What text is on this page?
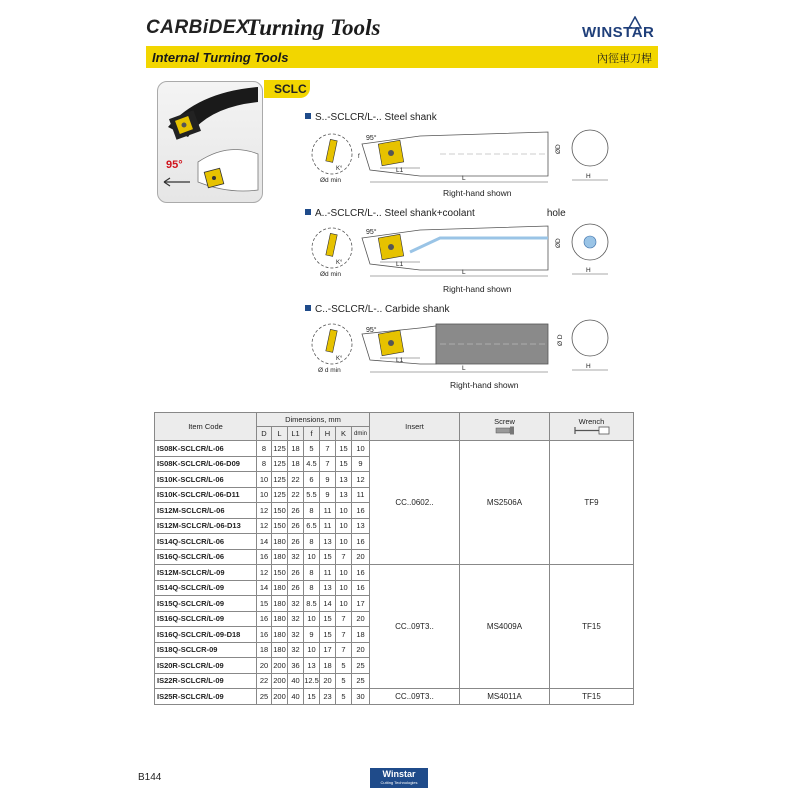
CARBiDEX
Turning Tools	WINSTAR
Internal Turning Tools	內徑車刀桿
95°
SCLC
S..-SCLCR/L-.. Steel shank
95°
K°
Ød min
f
L1
L
ØD
H
Right-hand shown
A..-SCLCR/L-.. Steel shank+coolant	hole
95°
K°
Ød min
L1
L
ØD
H
Right-hand shown
C..-SCLCR/L-.. Carbide shank
95°
K°
Ø d min
L1
L
Ø D
H
Right-hand shown
Item Code	Dimensions, mm							Insert	Screw	Wrench

	D	L	L1	f	H	K	dmin			
IS08K-SCLCR/L-06	8	125	18	5	7	15	10	CC..0602..	MS2506A	TF9
IS08K-SCLCR/L-06-D09	8	125	18	4.5	7	15	9			
IS10K-SCLCR/L-06	10	125	22	6	9	13	12			
IS10K-SCLCR/L-06-D11	10	125	22	5.5	9	13	11			
IS12M-SCLCR/L-06	12	150	26	8	11	10	16			
IS12M-SCLCR/L-06-D13	12	150	26	6.5	11	10	13			
IS14Q-SCLCR/L-06	14	180	26	8	13	10	16			
IS16Q-SCLCR/L-06	16	180	32	10	15	7	20			
IS12M-SCLCR/L-09	12	150	26	8	11	10	16	CC..09T3..	MS4009A	TF15
IS14Q-SCLCR/L-09	14	180	26	8	13	10	16			
IS15Q-SCLCR/L-09	15	180	32	8.5	14	10	17			
IS16Q-SCLCR/L-09	16	180	32	10	15	7	20			
IS16Q-SCLCR/L-09-D18	16	180	32	9	15	7	18			
IS18Q-SCLCR-09	18	180	32	10	17	7	20			
IS20R-SCLCR/L-09	20	200	36	13	18	5	25			
IS22R-SCLCR/L-09	22	200	40	12.5	20	5	25			
IS25R-SCLCR/L-09	25	200	40	15	23	5	30	CC..09T3..	MS4011A	TF15
B144	Winstar
Cutting Technologies
